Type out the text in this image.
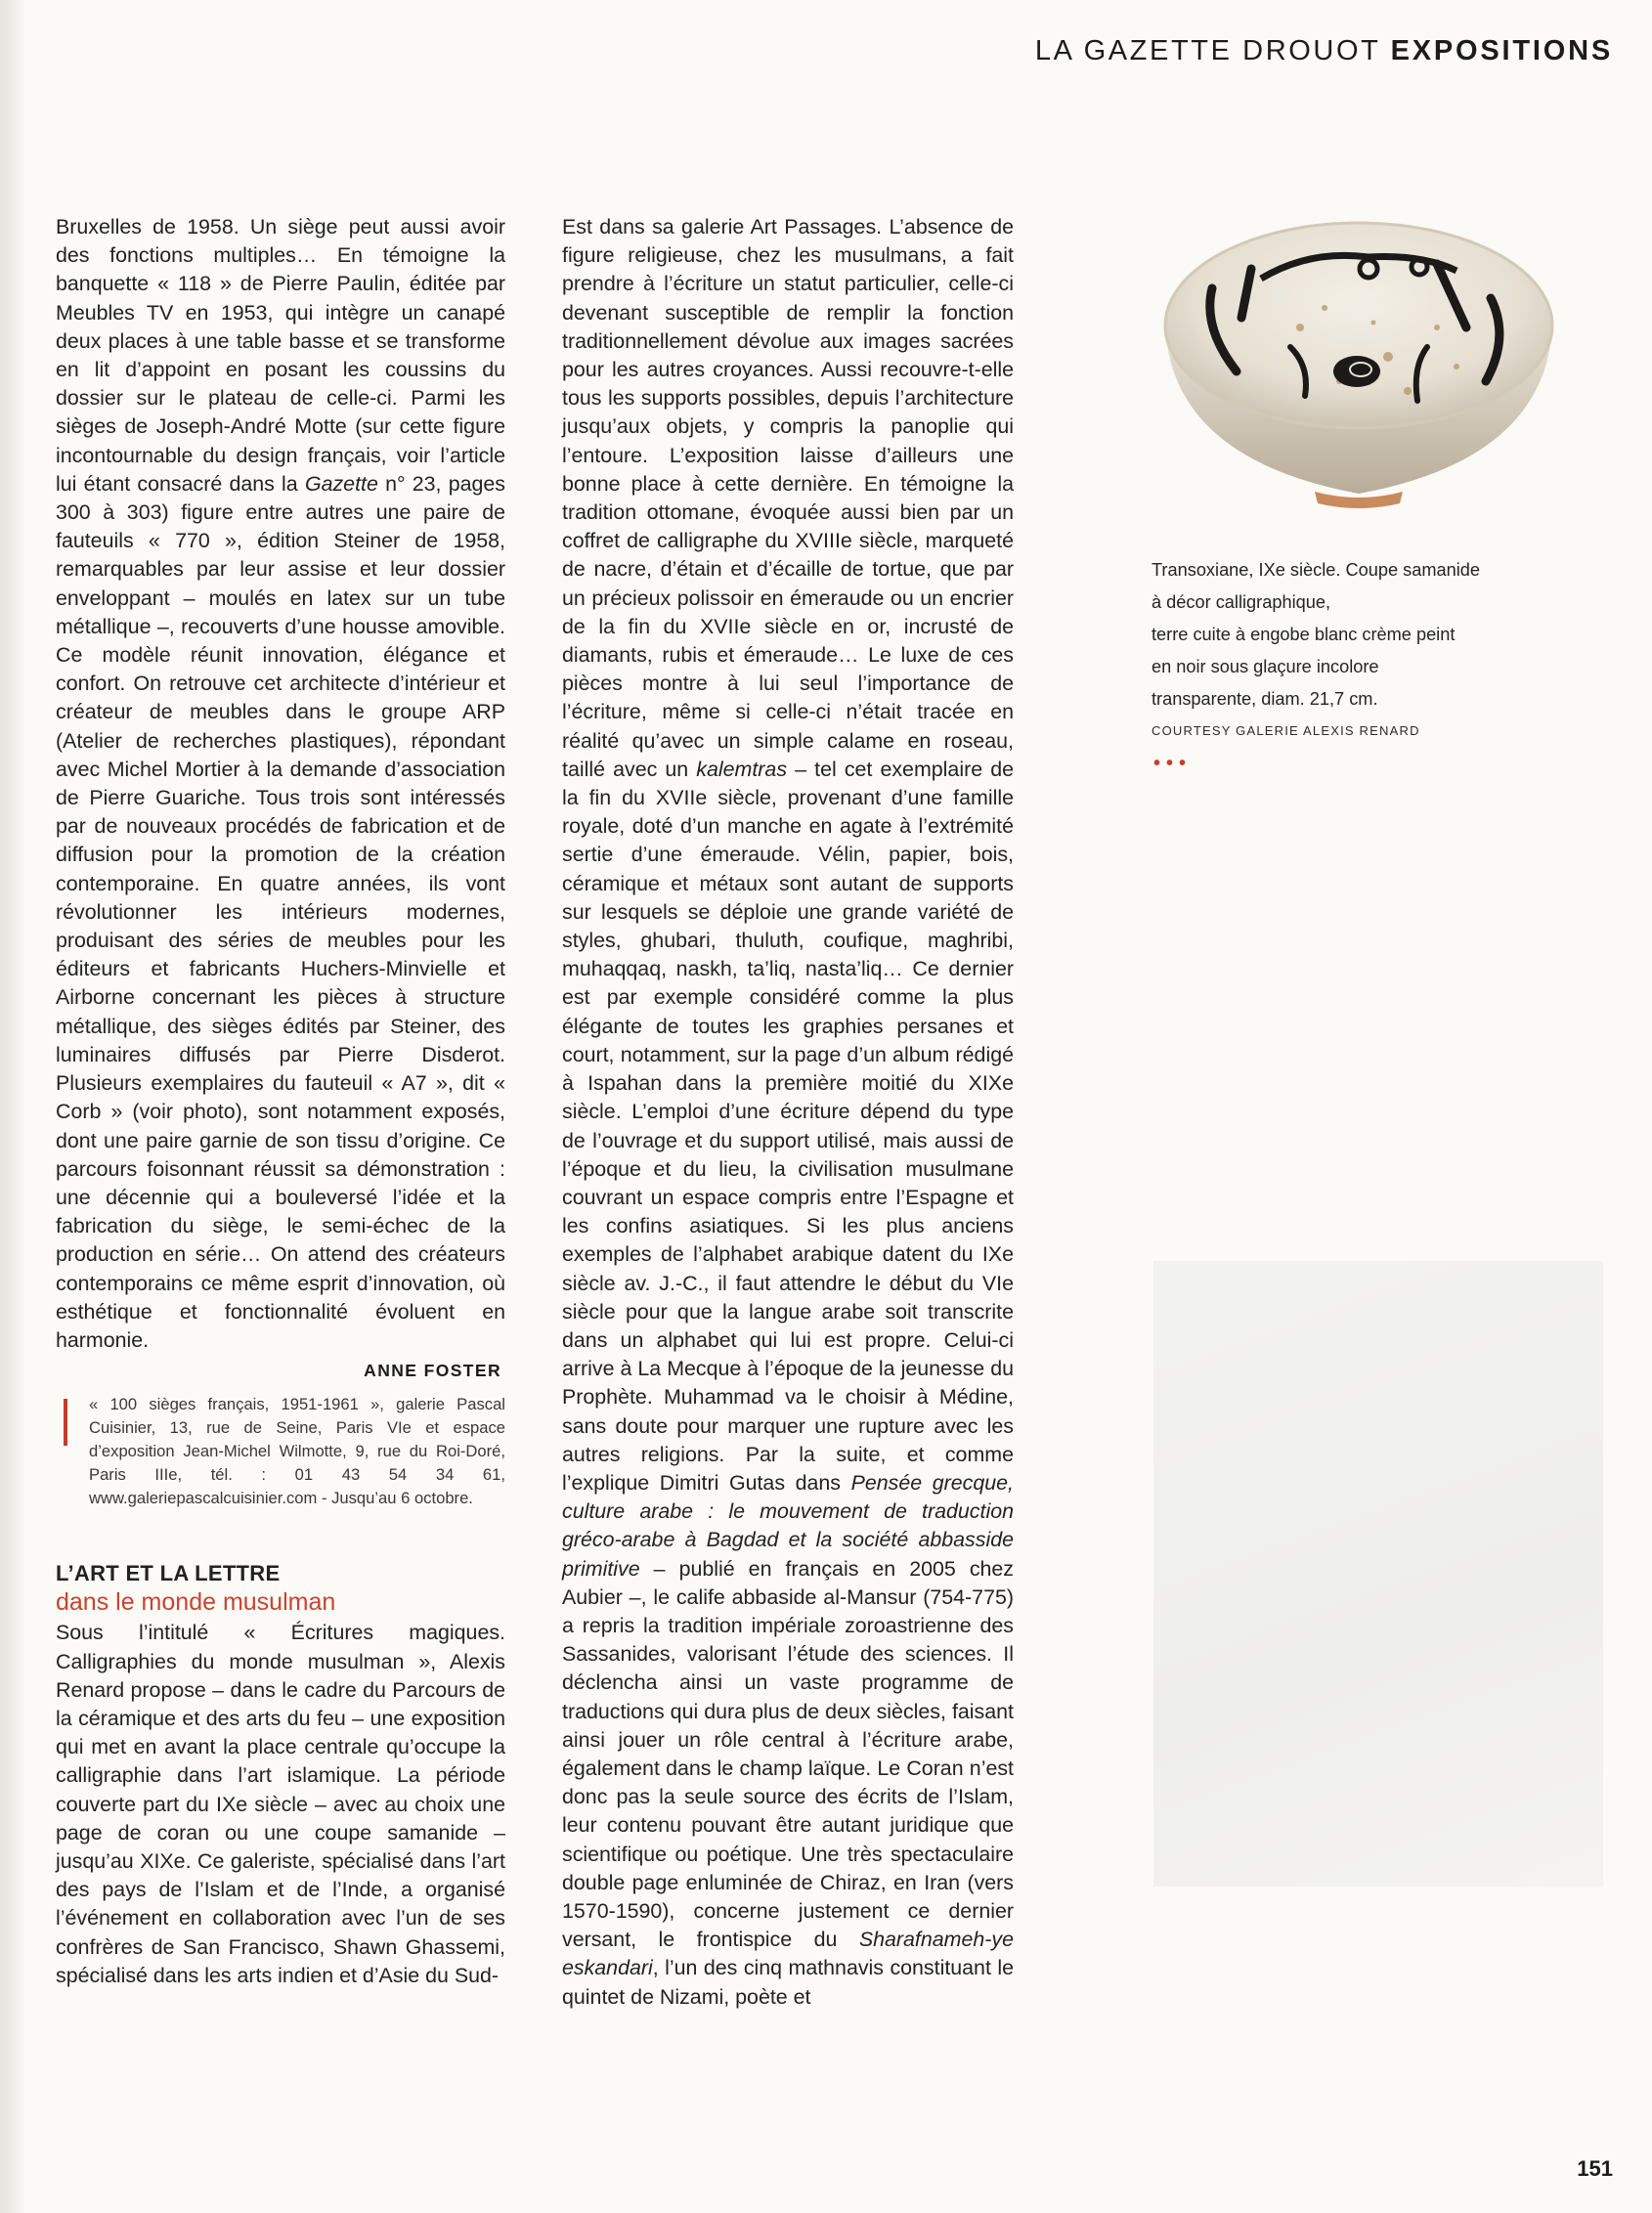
LA GAZETTE DROUOT EXPOSITIONS

Bruxelles de 1958. Un siège peut aussi avoir des fonctions multiples… En témoigne la banquette « 118 » de Pierre Paulin, éditée par Meubles TV en 1953, qui intègre un canapé deux places à une table basse et se transforme en lit d’appoint en posant les coussins du dossier sur le plateau de celle-ci. Parmi les sièges de Joseph-André Motte (sur cette figure incontournable du design français, voir l’article lui étant consacré dans la Gazette n° 23, pages 300 à 303) figure entre autres une paire de fauteuils « 770 », édition Steiner de 1958, remarquables par leur assise et leur dossier enveloppant – moulés en latex sur un tube métallique –, recouverts d’une housse amovible. Ce modèle réunit innovation, élégance et confort. On retrouve cet architecte d’intérieur et créateur de meubles dans le groupe ARP (Atelier de recherches plastiques), répondant avec Michel Mortier à la demande d’association de Pierre Guariche. Tous trois sont intéressés par de nouveaux procédés de fabrication et de diffusion pour la promotion de la création contemporaine. En quatre années, ils vont révolutionner les intérieurs modernes, produisant des séries de meubles pour les éditeurs et fabricants Huchers-Minvielle et Airborne concernant les pièces à structure métallique, des sièges édités par Steiner, des luminaires diffusés par Pierre Disderot. Plusieurs exemplaires du fauteuil « A7 », dit « Corb » (voir photo), sont notamment exposés, dont une paire garnie de son tissu d’origine. Ce parcours foisonnant réussit sa démonstration : une décennie qui a bouleversé l’idée et la fabrication du siège, le semi-échec de la production en série… On attend des créateurs contemporains ce même esprit d’innovation, où esthétique et fonctionnalité évoluent en harmonie.

ANNE FOSTER
« 100 sièges français, 1951-1961 », galerie Pascal Cuisinier, 13, rue de Seine, Paris VIe et espace d’exposition Jean-Michel Wilmotte, 9, rue du Roi-Doré, Paris IIIe, tél. : 01 43 54 34 61, www.galeriepascalcuisinier.com - Jusqu’au 6 octobre.
L’ART ET LA LETTRE
dans le monde musulman

Sous l’intitulé « Écritures magiques. Calligraphies du monde musulman », Alexis Renard propose – dans le cadre du Parcours de la céramique et des arts du feu – une exposition qui met en avant la place centrale qu’occupe la calligraphie dans l’art islamique. La période couverte part du IXe siècle – avec au choix une page de coran ou une coupe samanide – jusqu’au XIXe. Ce galeriste, spécialisé dans l’art des pays de l’Islam et de l’Inde, a organisé l’événement en collaboration avec l’un de ses confrères de San Francisco, Shawn Ghassemi, spécialisé dans les arts indien et d’Asie du Sud-

Est dans sa galerie Art Passages. L’absence de figure religieuse, chez les musulmans, a fait prendre à l’écriture un statut particulier, celle-ci devenant susceptible de remplir la fonction traditionnellement dévolue aux images sacrées pour les autres croyances. Aussi recouvre-t-elle tous les supports possibles, depuis l’architecture jusqu’aux objets, y compris la panoplie qui l’entoure. L’exposition laisse d’ailleurs une bonne place à cette dernière. En témoigne la tradition ottomane, évoquée aussi bien par un coffret de calligraphe du XVIIIe siècle, marqueté de nacre, d’étain et d’écaille de tortue, que par un précieux polissoir en émeraude ou un encrier de la fin du XVIIe siècle en or, incrusté de diamants, rubis et émeraude… Le luxe de ces pièces montre à lui seul l’importance de l’écriture, même si celle-ci n’était tracée en réalité qu’avec un simple calame en roseau, taillé avec un kalemtras – tel cet exemplaire de la fin du XVIIe siècle, provenant d’une famille royale, doté d’un manche en agate à l’extrémité sertie d’une émeraude. Vélin, papier, bois, céramique et métaux sont autant de supports sur lesquels se déploie une grande variété de styles, ghubari, thuluth, coufique, maghribi, muhaqqaq, naskh, ta’liq, nasta’liq… Ce dernier est par exemple considéré comme la plus élégante de toutes les graphies persanes et court, notamment, sur la page d’un album rédigé à Ispahan dans la première moitié du XIXe siècle. L’emploi d’une écriture dépend du type de l’ouvrage et du support utilisé, mais aussi de l’époque et du lieu, la civilisation musulmane couvrant un espace compris entre l’Espagne et les confins asiatiques. Si les plus anciens exemples de l’alphabet arabique datent du IXe siècle av. J.-C., il faut attendre le début du VIe siècle pour que la langue arabe soit transcrite dans un alphabet qui lui est propre. Celui-ci arrive à La Mecque à l’époque de la jeunesse du Prophète. Muhammad va le choisir à Médine, sans doute pour marquer une rupture avec les autres religions. Par la suite, et comme l’explique Dimitri Gutas dans Pensée grecque, culture arabe : le mouvement de traduction gréco-arabe à Bagdad et la société abbasside primitive – publié en français en 2005 chez Aubier –, le calife abbaside al-Mansur (754-775) a repris la tradition impériale zoroastrienne des Sassanides, valorisant l’étude des sciences. Il déclencha ainsi un vaste programme de traductions qui dura plus de deux siècles, faisant ainsi jouer un rôle central à l’écriture arabe, également dans le champ laïque. Le Coran n’est donc pas la seule source des écrits de l’Islam, leur contenu pouvant être autant juridique que scientifique ou poétique. Une très spectaculaire double page enluminée de Chiraz, en Iran (vers 1570-1590), concerne justement ce dernier versant, le frontispice du Sharafnameh-ye eskandari, l’un des cinq mathnavis constituant le quintet de Nizami, poète et

Transoxiane, IXe siècle. Coupe samanide
à décor calligraphique,
terre cuite à engobe blanc crème peint
en noir sous glaçure incolore
transparente, diam. 21,7 cm.
COURTESY GALERIE ALEXIS RENARD
•••
151
